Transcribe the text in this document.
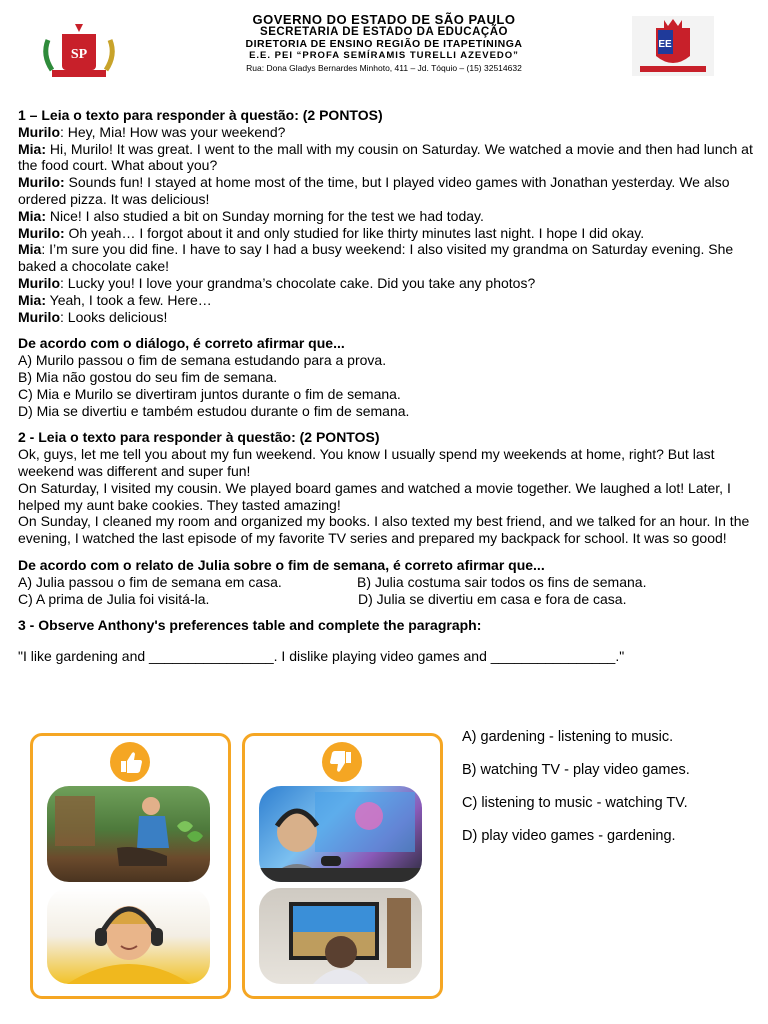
SP
EE
GOVERNO DO ESTADO DE SÃO PAULO
SECRETARIA DE ESTADO DA EDUCAÇÃO
DIRETORIA DE ENSINO REGIÃO DE ITAPETININGA
E.E. PEI “PROFA SEMÍRAMIS TURELLI AZEVEDO”
Rua: Dona Gladys Bernardes Minhoto, 411 – Jd. Tóquio – (15) 32514632

1 – Leia o texto para responder à questão: (2 PONTOS)

Murilo: Hey, Mia! How was your weekend?

Mia: Hi, Murilo! It was great. I went to the mall with my cousin on Saturday. We watched a movie and then had lunch at the food court. What about you?

Murilo: Sounds fun! I stayed at home most of the time, but I played video games with Jonathan yesterday. We also ordered pizza. It was delicious!

Mia: Nice! I also studied a bit on Sunday morning for the test we had today.

Murilo: Oh yeah… I forgot about it and only studied for like thirty minutes last night. I hope I did okay.

Mia: I’m sure you did fine. I have to say I had a busy weekend: I also visited my grandma on Saturday evening. She baked a chocolate cake!

Murilo: Lucky you! I love your grandma’s chocolate cake. Did you take any photos?

Mia: Yeah, I took a few. Here…

Murilo: Looks delicious!

De acordo com o diálogo, é correto afirmar que...

A) Murilo passou o fim de semana estudando para a prova.

B) Mia não gostou do seu fim de semana.

C) Mia e Murilo se divertiram juntos durante o fim de semana.

D) Mia se divertiu e também estudou durante o fim de semana.

2 - Leia o texto para responder à questão: (2 PONTOS)

Ok, guys, let me tell you about my fun weekend. You know I usually spend my weekends at home, right? But last weekend was different and super fun!

On Saturday, I visited my cousin. We played board games and watched a movie together. We laughed a lot! Later, I helped my aunt bake cookies. They tasted amazing!

On Sunday, I cleaned my room and organized my books. I also texted my best friend, and we talked for an hour. In the evening, I watched the last episode of my favorite TV series and prepared my backpack for school. It was so good!

De acordo com o relato de Julia sobre o fim de semana, é correto afirmar que...

A) Julia passou o fim de semana em casa.	B) Julia costuma sair todos os fins de semana.
C) A prima de Julia foi visitá-la.	D) Julia se divertiu em casa e fora de casa.

3 - Observe Anthony's preferences table and complete the paragraph:

"I like gardening and ________________. I dislike playing video games and ________________."

A) gardening - listening to music.
B) watching TV - play video games.
C) listening to music - watching TV.
D) play video games - gardening.
